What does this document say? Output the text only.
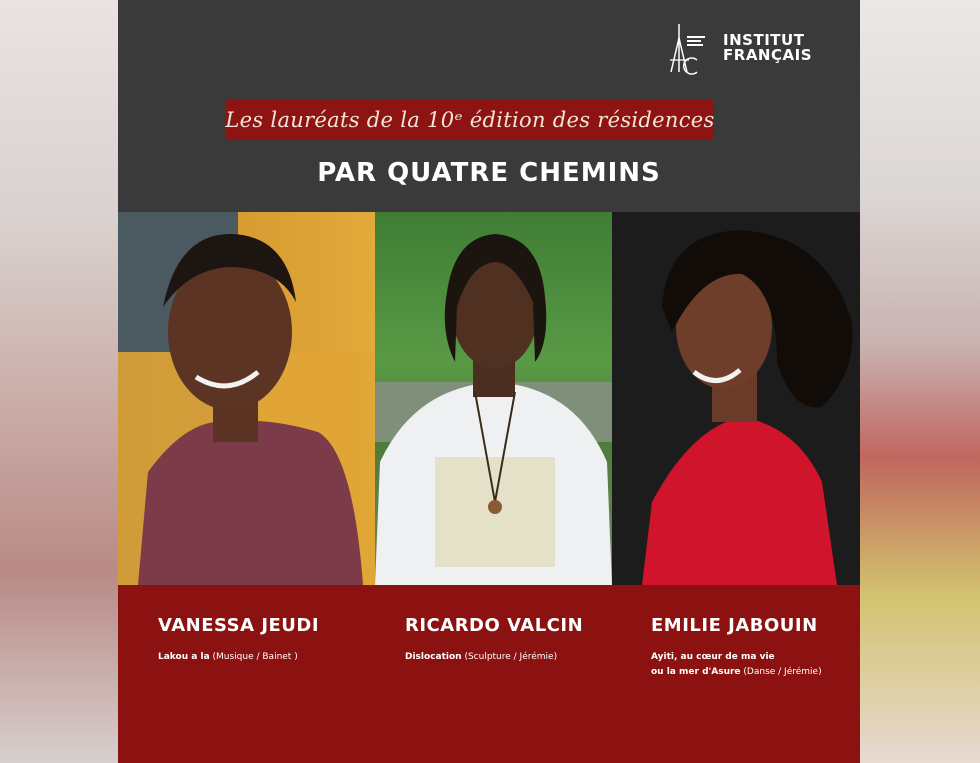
INSTITUT
FRANÇAIS
Les lauréats de la 10ᵉ édition des résidences
PAR QUATRE CHEMINS
VANESSA JEUDI
Lakou a la (Musique / Bainet )
RICARDO VALCIN
Dislocation (Sculpture / Jérémie)
EMILIE JABOUIN
Ayiti, au cœur de ma vie
ou la mer d'Asure (Danse / Jérémie)
